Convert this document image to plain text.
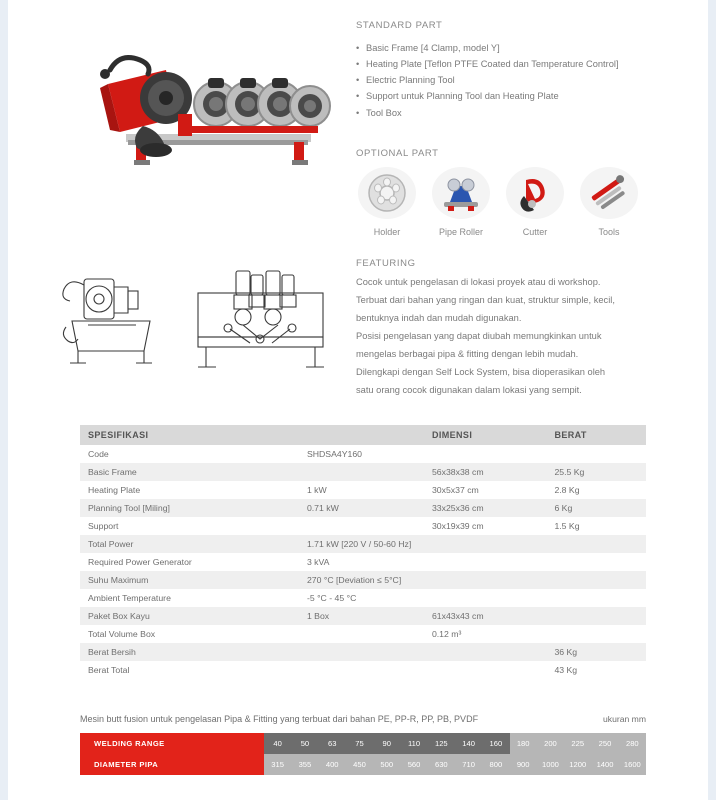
STANDARD PART
• Basic Frame [4 Clamp, model Y]
• Heating Plate [Teflon PTFE Coated dan Temperature Control]
• Electric Planning Tool
• Support untuk Planning Tool dan Heating Plate
• Tool Box
OPTIONAL PART
Holder	Pipe Roller	Cutter	Tools
FEATURING

Cocok untuk pengelasan di lokasi proyek atau di workshop.

Terbuat dari bahan yang ringan dan kuat, struktur simple, kecil,

bentuknya indah dan mudah digunakan.

Posisi pengelasan yang dapat diubah memungkinkan untuk

mengelas berbagai pipa & fitting dengan lebih mudah.

Dilengkapi dengan Self Lock System, bisa dioperasikan oleh

satu orang cocok digunakan dalam lokasi yang sempit.

SPESIFIKASI		DIMENSI	BERAT
Code	SHDSA4Y160		
Basic Frame		56x38x38 cm	25.5 Kg
Heating Plate	1 kW	30x5x37 cm	2.8 Kg
Planning Tool [Miling]	0.71 kW	33x25x36 cm	6 Kg
Support		30x19x39 cm	1.5 Kg
Total Power	1.71 kW [220 V / 50-60 Hz]		
Required Power Generator	3 kVA		
Suhu Maximum	270 °C [Deviation ≤ 5°C]		
Ambient Temperature	-5 °C - 45 °C		
Paket Box Kayu	1 Box	61x43x43 cm	
Total Volume Box		0.12 m³	
Berat Bersih			36 Kg
Berat Total			43 Kg
Mesin butt fusion untuk pengelasan Pipa & Fitting yang terbuat dari bahan PE, PP-R, PP, PB, PVDF	ukuran mm
WELDING RANGE	40	50	63	75	90	110	125	140	160	180	200	225	250	280
DIAMETER PIPA	315	355	400	450	500	560	630	710	800	900	1000	1200	1400	1600
